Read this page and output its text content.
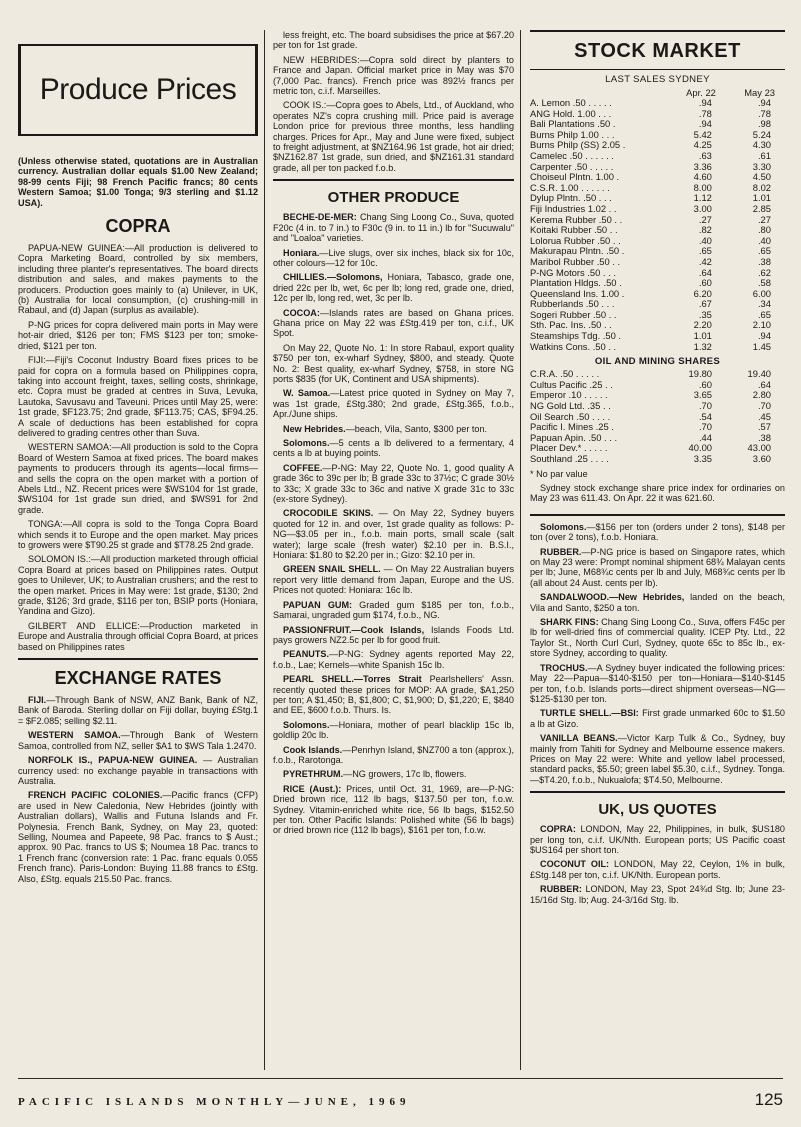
Produce Prices

(Unless otherwise stated, quotations are in Australian currency. Australian dollar equals $1.00 New Zealand; 98-99 cents Fiji; 98 French Pacific francs; 80 cents Western Samoa; $1.00 Tonga; 9/3 sterling and $1.12 USA).

COPRA

PAPUA-NEW GUINEA:—All production is delivered to Copra Marketing Board, controlled by six members, including three planter's representatives. The board directs distribution and sales, and makes payments to the producers. Production goes mainly to (a) Unilever, in UK, (b) Australia for local consumption, (c) crushing-mill in Rabaul, and (d) Japan (surplus as available).

P-NG prices for copra delivered main ports in May were hot-air dried, $126 per ton; FMS $123 per ton; smoke-dried, $121 per ton.

FIJI:—Fiji's Coconut Industry Board fixes prices to be paid for copra on a formula based on Philippines copra, taking into account freight, taxes, selling costs, shrinkage, etc. Copra must be graded at centres in Suva, Levuka, Lautoka, Savusavu and Taveuni. Prices until May 25, were: 1st grade, $F123.75; 2nd grade, $F113.75; CAS, $F94.25. A scale of deductions has been established for copra delivered to grading centres other than Suva.

WESTERN SAMOA:—All production is sold to the Copra Board of Western Samoa at fixed prices. The board makes payments to producers through its agents—local firms—and sells the copra on the open market with a portion of Abels Ltd., NZ. Recent prices were $WS104 for 1st grade, $WS104 for 1st grade sun dried, and $WS91 for 2nd grade.

TONGA:—All copra is sold to the Tonga Copra Board which sends it to Europe and the open market. May prices to growers were $T90.25 st grade and $T78.25 2nd grade.

SOLOMON IS.:—All production marketed through official Copra Board at prices based on Philippines rates. Output goes to Unilever, UK; to Australian crushers; and the rest to the open market. Prices in May were: 1st grade, $130; 2nd grade, $126; 3rd grade, $116 per ton, BSIP ports (Honiara, Yandina and Gizo).

GILBERT AND ELLICE:—Production marketed in Europe and Australia through official Copra Board, at prices based on Philippines rates

EXCHANGE RATES

FIJI.—Through Bank of NSW, ANZ Bank, Bank of NZ, Bank of Baroda. Sterling dollar on Fiji dollar, buying £Stg.1 = $F2.085; selling $2.11.

WESTERN SAMOA.—Through Bank of Western Samoa, controlled from NZ, seller $A1 to $WS Tala 1.2470.

NORFOLK IS., PAPUA-NEW GUINEA. — Australian currency used: no exchange payable in transactions with Australia.

FRENCH PACIFIC COLONIES.—Pacific francs (CFP) are used in New Caledonia, New Hebrides (jointly with Australian dollars), Wallis and Futuna Islands and Fr. Polynesia. French Bank, Sydney, on May 23, quoted: Selling, Noumea and Papeete, 98 Pac. francs to $ Aust.; approx. 90 Pac. francs to US $; Noumea 18 Pac. trancs to 1 French franc (conversion rate: 1 Pac. franc equals 0.055 French franc). Paris-London: Buying 11.88 francs to £Stg. Also, £Stg. equals 215.50 Pac. francs.

less freight, etc. The board subsidises the price at $67.20 per ton for 1st grade.

NEW HEBRIDES:—Copra sold direct by planters to France and Japan. Official market price in May was $70 (7,000 Pac. francs). French price was 892½ francs per metric ton, c.i.f. Marseilles.

COOK IS.:—Copra goes to Abels, Ltd., of Auckland, who operates NZ's copra crushing mill. Price paid is average London price for previous three months, less handling charges. Prices for Apr., May and June were fixed, subject to freight adjustment, at $NZ164.96 1st grade, hot air dried; $NZ162.87 1st grade, sun dried, and $NZ161.31 standard grade, all per ton packed f.o.b.

OTHER PRODUCE

BECHE-DE-MER: Chang Sing Loong Co., Suva, quoted F20c (4 in. to 7 in.) to F30c (9 in. to 11 in.) lb for "Sucuwalu" and "Loaloa" varieties.

Honiara.—Live slugs, over six inches, black six for 10c, other colours—12 for 10c.

CHILLIES.—Solomons, Honiara, Tabasco, grade one, dried 22c per lb, wet, 6c per lb; long red, grade one, dried, 12c per lb, long red, wet, 3c per lb.

COCOA:—Islands rates are based on Ghana prices. Ghana price on May 22 was £Stg.419 per ton, c.i.f., UK Spot.

On May 22, Quote No. 1: In store Rabaul, export quality $750 per ton, ex-wharf Sydney, $800, and steady. Quote No. 2: Best quality, ex-wharf Sydney, $758, in store NG ports $835 (for UK, Continent and USA shipments).

W. Samoa.—Latest price quoted in Sydney on May 7, was 1st grade, £Stg.380; 2nd grade, £Stg.365, f.o.b., Apr./June ships.

New Hebrides.—beach, Vila, Santo, $300 per ton.

Solomons.—5 cents a lb delivered to a fermentary, 4 cents a lb at buying points.

COFFEE.—P-NG: May 22, Quote No. 1, good quality A grade 36c to 39c per lb; B grade 33c to 37½c; C grade 30½ to 33c; X grade 33c to 36c and native X grade 31c to 33c (ex-store Sydney).

CROCODILE SKINS. — On May 22, Sydney buyers quoted for 12 in. and over, 1st grade quality as follows: P-NG—$3.05 per in., f.o.b. main ports, small scale (salt water); large scale (fresh water) $2.10 per in. B.S.I., Honiara: $1.80 to $2.20 per in.; Gizo: $2.10 per in.

GREEN SNAIL SHELL. — On May 22 Australian buyers report very little demand from Japan, Europe and the US. Prices not quoted: Honiara: 16c lb.

PAPUAN GUM: Graded gum $185 per ton, f.o.b., Samarai, ungraded gum $174, f.o.b., NG.

PASSIONFRUIT.—Cook Islands, Islands Foods Ltd. pays growers NZ2.5c per lb for good fruit.

PEANUTS.—P-NG: Sydney agents reported May 22, f.o.b., Lae; Kernels—white Spanish 15c lb.

PEARL SHELL.—Torres Strait Pearlshellers' Assn. recently quoted these prices for MOP: AA grade, $A1,250 per ton; A $1,450; B, $1,800; C, $1,900; D, $1,220; E, $840 and EE, $600 f.o.b. Thurs. Is.

Solomons.—Honiara, mother of pearl blacklip 15c lb, goldlip 20c lb.

Cook Islands.—Penrhyn Island, $NZ700 a ton (approx.), f.o.b., Rarotonga.

PYRETHRUM.—NG growers, 17c lb, flowers.

RICE (Aust.): Prices, until Oct. 31, 1969, are—P-NG: Dried brown rice, 112 lb bags, $137.50 per ton, f.o.w. Sydney. Vitamin-enriched white rice, 56 lb bags, $152.50 per ton. Other Pacific Islands: Polished white (56 lb bags) or dried brown rice (112 lb bags), $161 per ton, f.o.w.

STOCK MARKET
LAST SALES SYDNEY
	Apr. 22	May 23
A. Lemon .50 . . . . .	.94	.94
ANG Hold. 1.00 . . .	.78	.78
Bali Plantations .50 .	.94	.98
Burns Philp 1.00 . . .	5.42	5.24
Burns Philp (SS) 2.05 .	4.25	4.30
Camelec .50 . . . . . .	.63	.61
Carpenter .50 . . . . .	3.36	3.30
Choiseul Plntn. 1.00 .	4.60	4.50
C.S.R. 1.00 . . . . . .	8.00	8.02
Dylup Plntn. .50 . . .	1.12	1.01
Fiji Industries 1.02 . .	3.00	2.85
Kerema Rubber .50 . .	.27	.27
Koitaki Rubber .50 . .	.82	.80
Lolorua Rubber .50 . .	.40	.40
Makurapau Plntn. .50 .	.65	.65
Maribol Rubber .50 . .	.42	.38
P-NG Motors .50 . . .	.64	.62
Plantation Hldgs. .50 .	.60	.58
Queensland Ins. 1.00 .	6.20	6.00
Rubberlands .50 . . .	.67	.34
Sogeri Rubber .50 . .	.35	.65
Sth. Pac. Ins. .50 . .	2.20	2.10
Steamships Tdg. .50 .	1.01	.94
Watkins Cons. .50 . .	1.32	1.45
OIL AND MINING SHARES
C.R.A. .50 . . . . .	19.80	19.40
Cultus Pacific .25 . .	.60	.64
Emperor .10 . . . . .	3.65	2.80
NG Gold Ltd. .35 . .	.70	.70
Oil Search .50 . . . .	.54	.45
Pacific I. Mines .25 .	.70	.57
Papuan Apin. .50 . . .	.44	.38
Placer Dev.* . . . . .	40.00	43.00
Southland .25 . . . .	3.35	3.60

* No par value

Sydney stock exchange share price index for ordinaries on May 23 was 611.43. On Apr. 22 it was 621.60.

Solomons.—$156 per ton (orders under 2 tons), $148 per ton (over 2 tons), f.o.b. Honiara.

RUBBER.—P-NG price is based on Singapore rates, which on May 23 were: Prompt nominal shipment 68¾ Malayan cents per lb; June, M68¾c cents per lb and July, M68¾c cents per lb (all about 24 Aust. cents per lb).

SANDALWOOD.—New Hebrides, landed on the beach, Vila and Santo, $250 a ton.

SHARK FINS: Chang Sing Loong Co., Suva, offers F45c per lb for well-dried fins of commercial quality. ICEP Pty. Ltd., 22 Taylor St., North Curl Curl, Sydney, quote 65c to 85c lb., ex-store Sydney, according to quality.

TROCHUS.—A Sydney buyer indicated the following prices: May 22—Papua—$140-$150 per ton—Honiara—$140-$145 per ton, f.o.b. Islands ports—direct shipment overseas—NG—$125-$130 per ton.

TURTLE SHELL.—BSI: First grade unmarked 60c to $1.50 a lb at Gizo.

VANILLA BEANS.—Victor Karp Tulk & Co., Sydney, buy mainly from Tahiti for Sydney and Melbourne essence makers. Prices on May 22 were: White and yellow label processed, standard packs, $5.50; green label $5.30, c.i.f., Sydney. Tonga.—$T4.20, f.o.b., Nukualofa; $T4.50, Melbourne.

UK, US QUOTES

COPRA: LONDON, May 22, Philippines, in bulk, $US180 per long ton, c.i.f. UK/Nth. European ports; US Pacific coast $US164 per short ton.

COCONUT OIL: LONDON, May 22, Ceylon, 1% in bulk, £Stg.148 per ton, c.i.f. UK/Nth. European ports.

RUBBER: LONDON, May 23, Spot 24¾d Stg. lb; June 23-15/16d Stg. lb; Aug. 24-3/16d Stg. lb.

PACIFIC ISLANDS MONTHLY—JUNE, 1969	125
